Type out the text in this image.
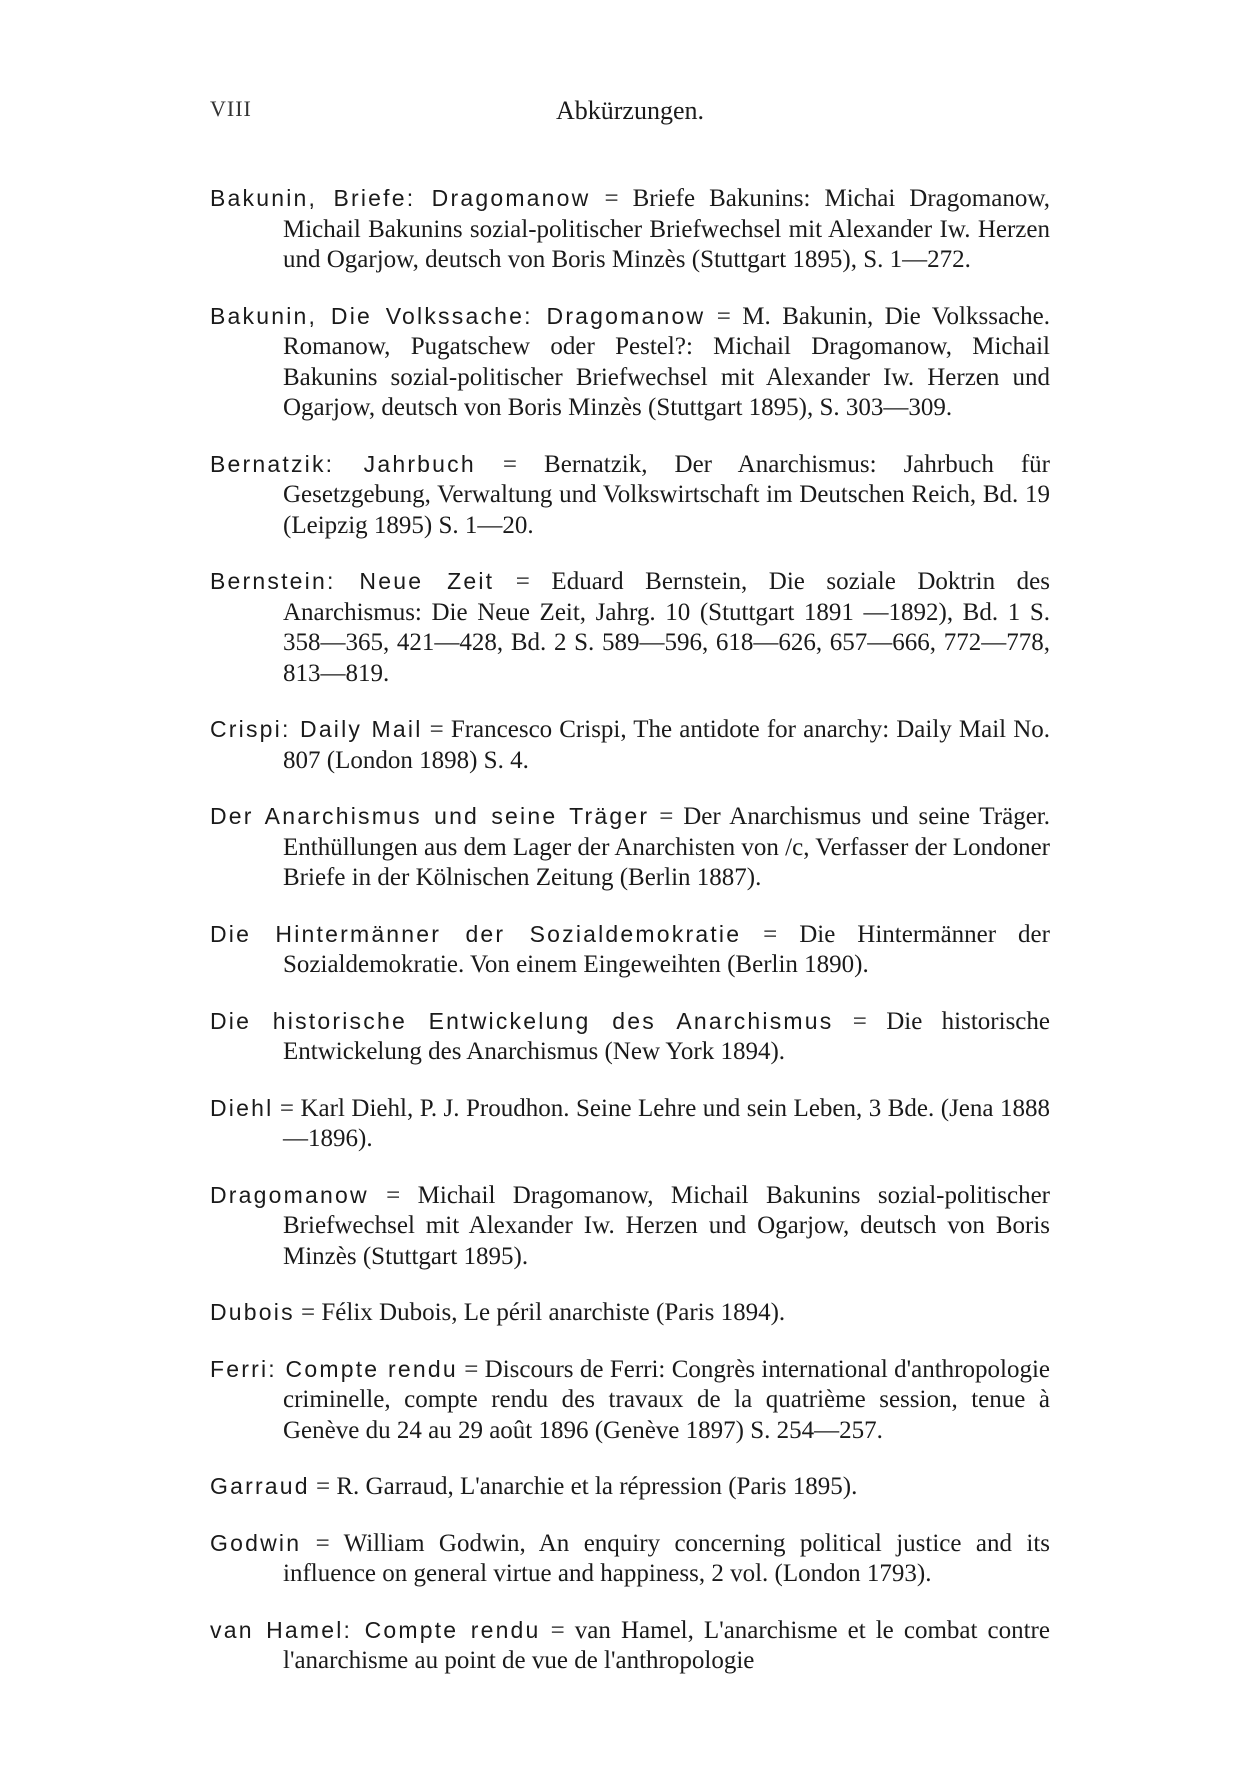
VIII	Abkürzungen.

Bakunin, Briefe: Dragomanow = Briefe Bakunins: Michai Dragomanow, Michail Bakunins sozial-politischer Briefwechsel mit Alexander Iw. Herzen und Ogarjow, deutsch von Boris Minzès (Stuttgart 1895), S. 1—272.

Bakunin, Die Volkssache: Dragomanow = M. Bakunin, Die Volkssache. Romanow, Pugatschew oder Pestel?: Michail Dragomanow, Michail Bakunins sozial-politischer Briefwechsel mit Alexander Iw. Herzen und Ogarjow, deutsch von Boris Minzès (Stuttgart 1895), S. 303—309.

Bernatzik: Jahrbuch = Bernatzik, Der Anarchismus: Jahrbuch für Gesetzgebung, Verwaltung und Volkswirtschaft im Deutschen Reich, Bd. 19 (Leipzig 1895) S. 1—20.

Bernstein: Neue Zeit = Eduard Bernstein, Die soziale Doktrin des Anarchismus: Die Neue Zeit, Jahrg. 10 (Stuttgart 1891 —1892), Bd. 1 S. 358—365, 421—428, Bd. 2 S. 589—596, 618—626, 657—666, 772—778, 813—819.

Crispi: Daily Mail = Francesco Crispi, The antidote for anarchy: Daily Mail No. 807 (London 1898) S. 4.

Der Anarchismus und seine Träger = Der Anarchismus und seine Träger. Enthüllungen aus dem Lager der Anarchisten von /c, Verfasser der Londoner Briefe in der Kölnischen Zeitung (Berlin 1887).

Die Hintermänner der Sozialdemokratie = Die Hintermänner der Sozialdemokratie. Von einem Eingeweihten (Berlin 1890).

Die historische Entwickelung des Anarchismus = Die historische Entwickelung des Anarchismus (New York 1894).

Diehl = Karl Diehl, P. J. Proudhon. Seine Lehre und sein Leben, 3 Bde. (Jena 1888—1896).

Dragomanow = Michail Dragomanow, Michail Bakunins sozial-politischer Briefwechsel mit Alexander Iw. Herzen und Ogarjow, deutsch von Boris Minzès (Stuttgart 1895).

Dubois = Félix Dubois, Le péril anarchiste (Paris 1894).

Ferri: Compte rendu = Discours de Ferri: Congrès international d'anthropologie criminelle, compte rendu des travaux de la quatrième session, tenue à Genève du 24 au 29 août 1896 (Genève 1897) S. 254—257.

Garraud = R. Garraud, L'anarchie et la répression (Paris 1895).

Godwin = William Godwin, An enquiry concerning political justice and its influence on general virtue and happiness, 2 vol. (London 1793).

van Hamel: Compte rendu = van Hamel, L'anarchisme et le combat contre l'anarchisme au point de vue de l'anthropologie
